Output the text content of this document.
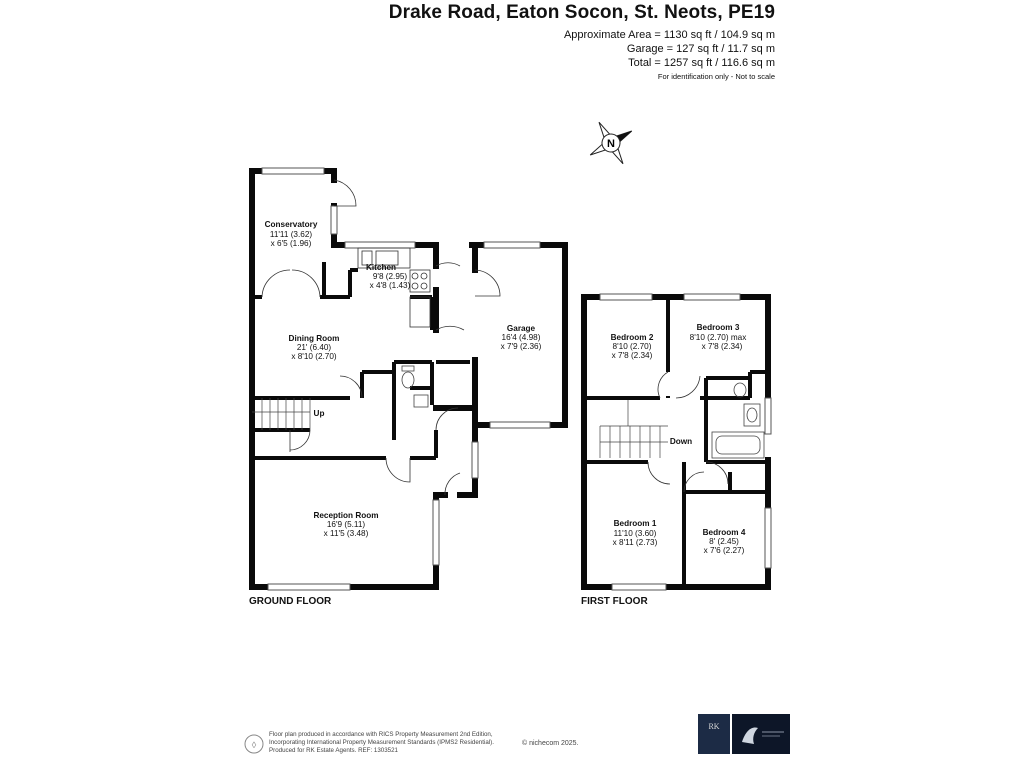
Drake Road, Eaton Socon, St. Neots, PE19
Approximate Area = 1130 sq ft / 104.9 sq m
Garage = 127 sq ft / 11.7 sq m
Total = 1257 sq ft / 116.6 sq m
For identification only - Not to scale
N
Conservatory
11'11 (3.62)
x 6'5 (1.96)
Kitchen
9'8 (2.95)
x 4'8 (1.43)
Dining Room
21' (6.40)
x 8'10 (2.70)
Garage
16'4 (4.98)
x 7'9 (2.36)
Reception Room
16'9 (5.11)
x 11'5 (3.48)
Up
Bedroom 2
8'10 (2.70)
x 7'8 (2.34)
Bedroom 3
8'10 (2.70) max
x 7'8 (2.34)
Bedroom 1
11'10 (3.60)
x 8'11 (2.73)
Bedroom 4
8' (2.45)
x 7'6 (2.27)
Down
◊
GROUND FLOOR	FIRST FLOOR
Floor plan produced in accordance with RICS Property Measurement 2nd Edition,
Incorporating International Property Measurement Standards (IPMS2 Residential).
Produced for RK Estate Agents. REF: 1303521
© nichecom 2025.
RK
